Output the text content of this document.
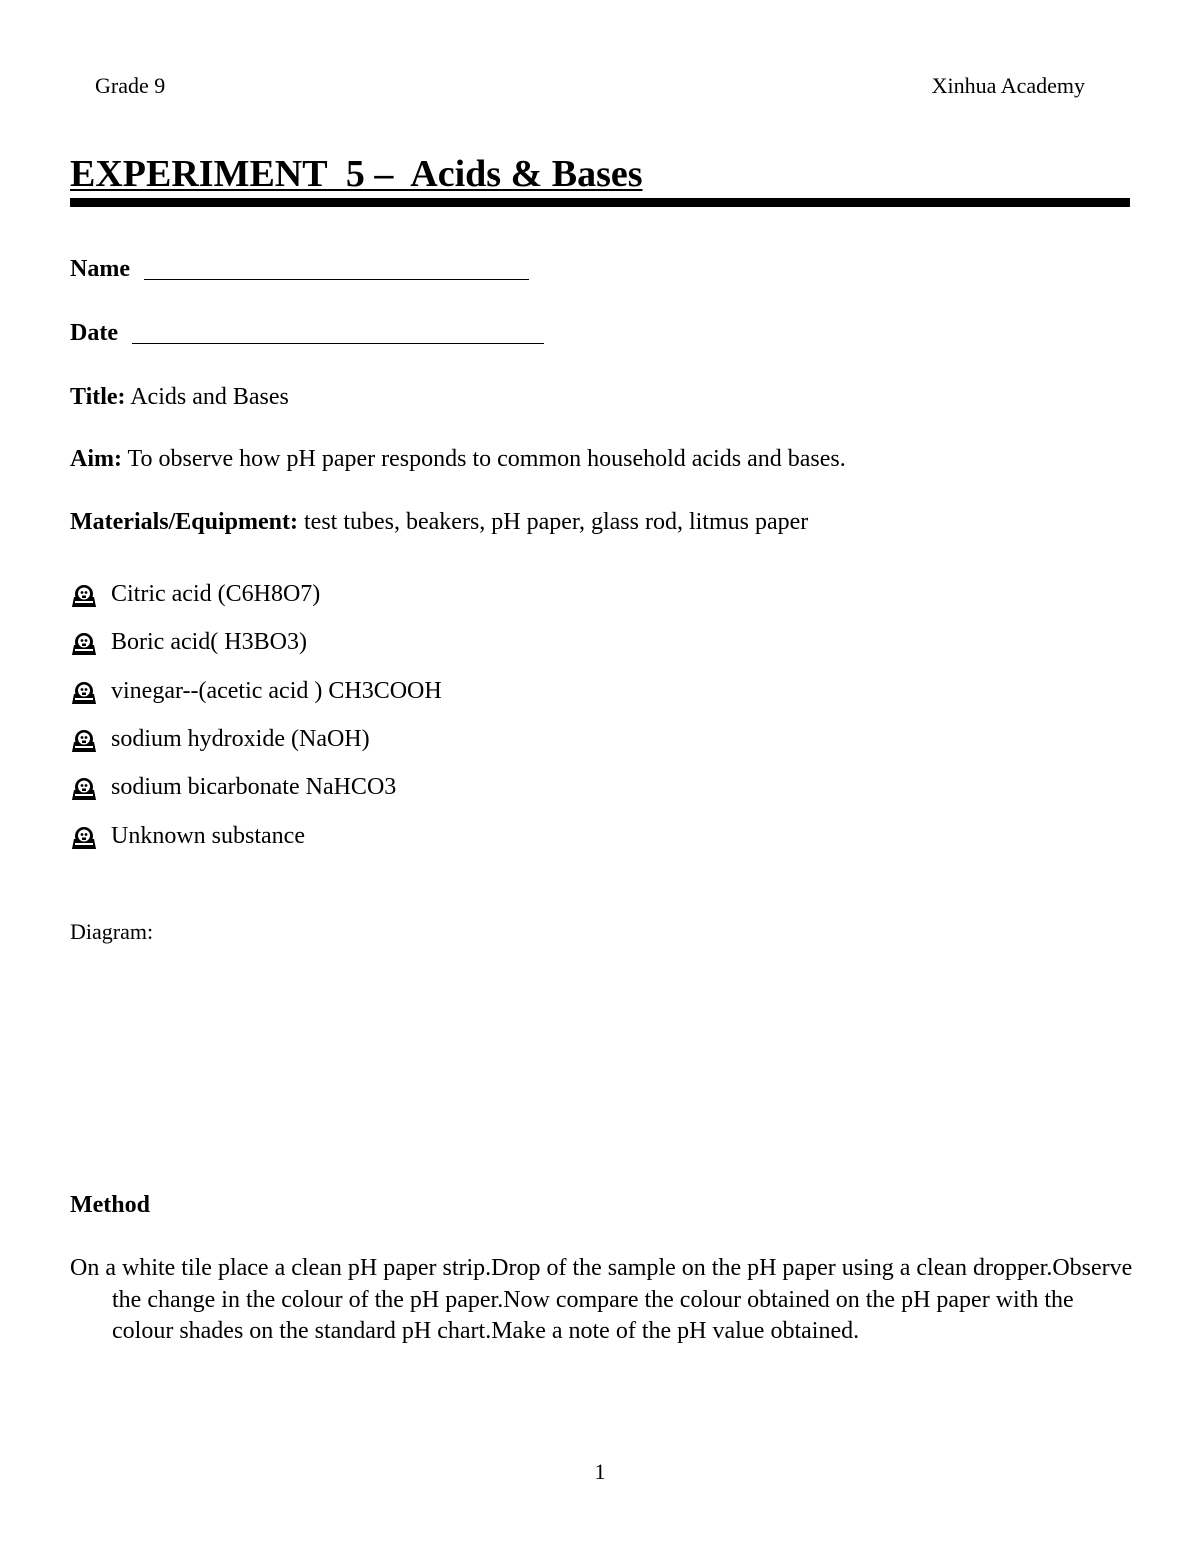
Grade 9	Xinhua Academy
EXPERIMENT  5 –  Acids & Bases
Name
Date
Title: Acids and Bases
Aim: To observe how pH paper responds to common household acids and bases.
Materials/Equipment: test tubes, beakers, pH paper, glass rod, litmus paper
Citric acid (C6H8O7)
Boric acid( H3BO3)
vinegar--(acetic acid ) CH3COOH
sodium hydroxide (NaOH)
sodium bicarbonate NaHCO3
Unknown substance
Diagram:
Method
On a white tile place a clean pH paper strip.Drop of the sample on the pH paper using a clean dropper.Observe the change in the colour of the pH paper.Now compare the colour obtained on the pH paper with the colour shades on the standard pH chart.Make a note of the pH value obtained.
1
